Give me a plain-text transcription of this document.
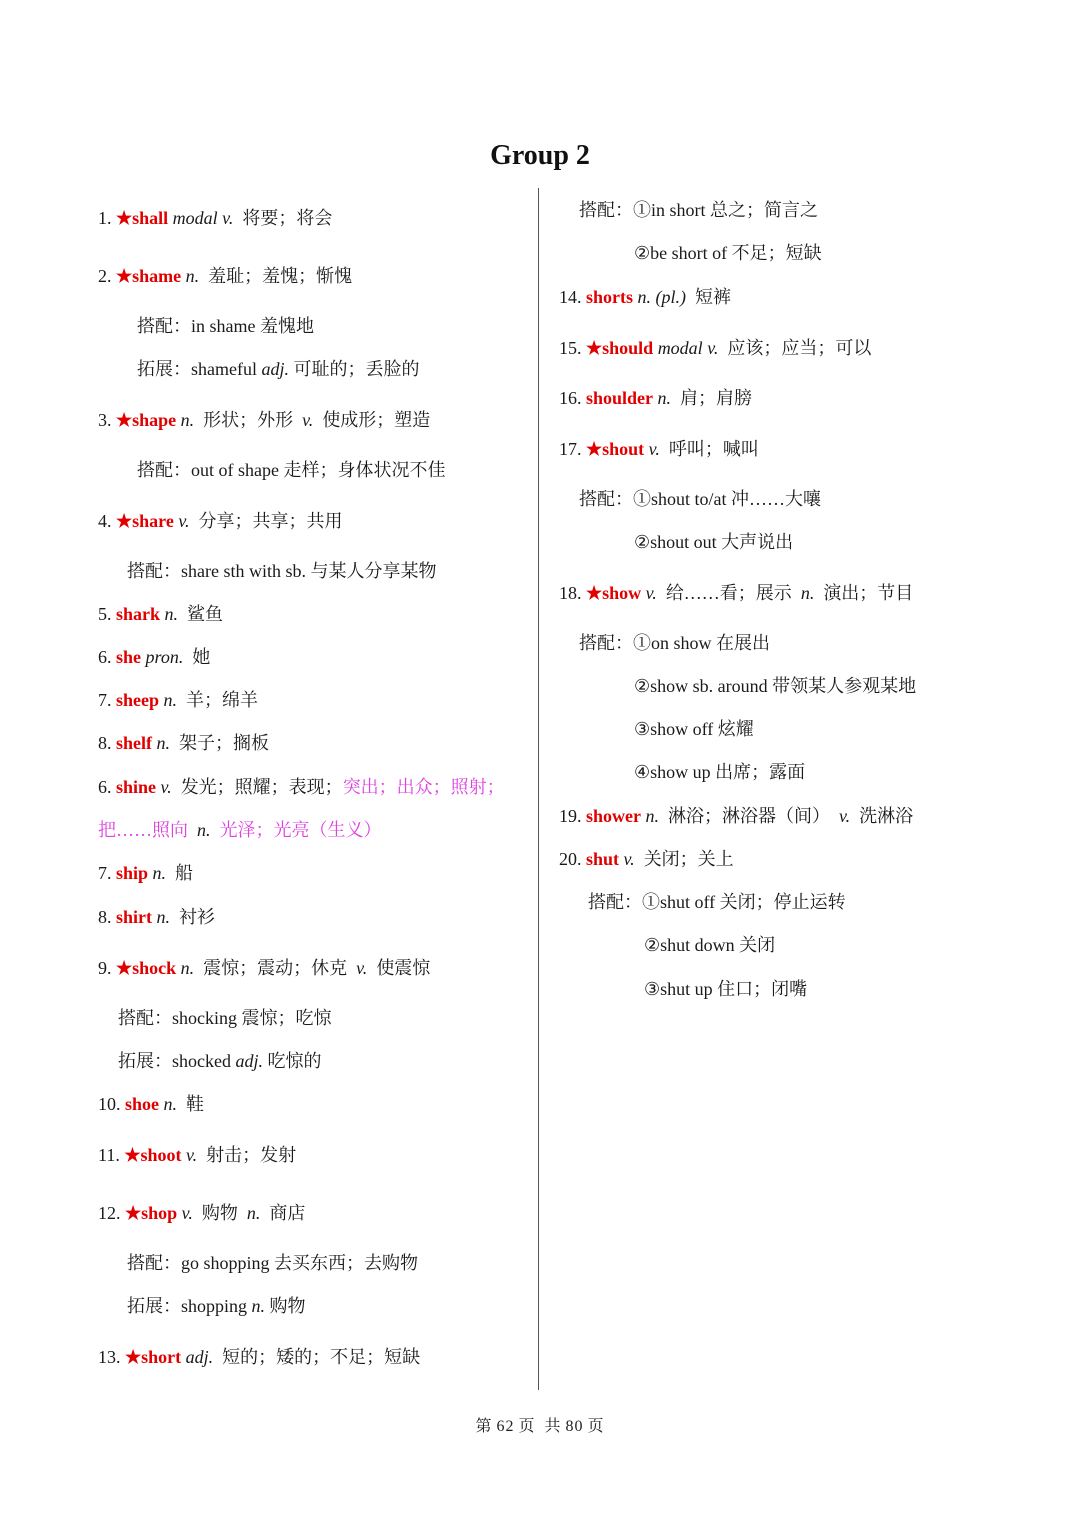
Group 2
1. ★shall modal v. 将要；将会
2. ★shame n. 羞耻；羞愧；惭愧
搭配：in shame 羞愧地
拓展：shameful adj. 可耻的；丢脸的
3. ★shape n. 形状；外形 v. 使成形；塑造
搭配：out of shape 走样；身体状况不佳
4. ★share v. 分享；共享；共用
搭配：share sth with sb. 与某人分享某物
5. shark n. 鲨鱼
6. she pron. 她
7. sheep n. 羊；绵羊
8. shelf n. 架子；搁板
6. shine v. 发光；照耀；表现；突出；出众；照射；
把……照向 n. 光泽；光亮（生义）
7. ship n. 船
8. shirt n. 衬衫
9. ★shock n. 震惊；震动；休克 v. 使震惊
搭配：shocking 震惊；吃惊
拓展：shocked adj. 吃惊的
10. shoe n. 鞋
11. ★shoot v. 射击；发射
12. ★shop v. 购物 n. 商店
搭配：go shopping 去买东西；去购物
拓展：shopping n. 购物
13. ★short adj. 短的；矮的；不足；短缺
搭配：①in short 总之；简言之
②be short of 不足；短缺
14. shorts n. (pl.) 短裤
15. ★should modal v. 应该；应当；可以
16. shoulder n. 肩；肩膀
17. ★shout v. 呼叫；喊叫
搭配：①shout to/at 冲……大嚷
②shout out 大声说出
18. ★show v. 给……看；展示 n. 演出；节目
搭配：①on show 在展出
②show sb. around 带领某人参观某地
③show off 炫耀
④show up 出席；露面
19. shower n. 淋浴；淋浴器（间） v. 洗淋浴
20. shut v. 关闭；关上
搭配：①shut off 关闭；停止运转
②shut down 关闭
③shut up 住口；闭嘴
第 62 页 共 80 页
